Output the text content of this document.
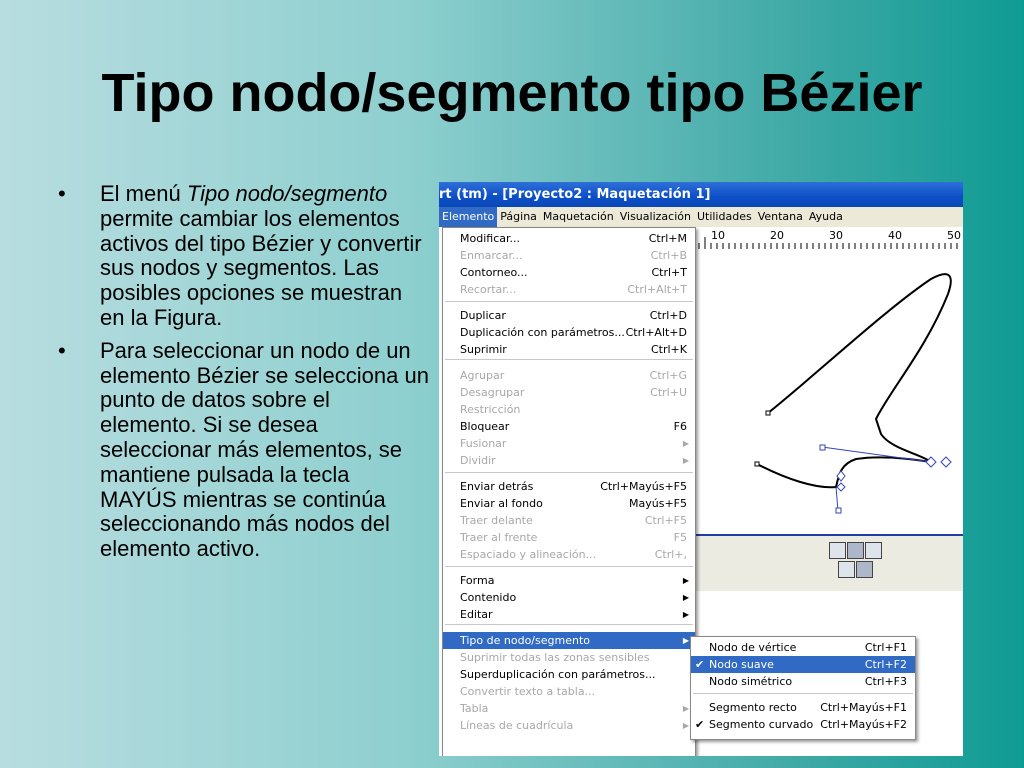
Tipo nodo/segmento tipo Bézier
• El menú Tipo nodo/segmento permite cambiar los elementos activos del tipo Bézier y convertir sus nodos y segmentos. Las posibles opciones se muestran en la Figura.
• Para seleccionar un nodo de un elemento Bézier se selecciona un punto de datos sobre el elemento. Si se desea seleccionar más elementos, se mantiene pulsada la tecla MAYÚS mientras se continúa seleccionando más nodos del elemento activo.
rt (tm) - [Proyecto2 : Maquetación 1]
Elemento Página Maquetación Visualización Utilidades Ventana Ayuda
10	20	30	40	50
Modificar...	Ctrl+M
Enmarcar...	Ctrl+B
Contorneo...	Ctrl+T
Recortar...	Ctrl+Alt+T
Duplicar	Ctrl+D
Duplicación con parámetros... Ctrl+Alt+D
Suprimir	Ctrl+K
Agrupar	Ctrl+G
Desagrupar	Ctrl+U
Restricción
Bloquear	F6
Fusionar	▶
Dividir	▶
Enviar detrás	Ctrl+Mayús+F5
Enviar al fondo	Mayús+F5
Traer delante	Ctrl+F5
Traer al frente	F5
Espaciado y alineación...	Ctrl+,
Forma	▶
Contenido	▶
Editar	▶
Tipo de nodo/segmento	▶
Suprimir todas las zonas sensibles
Superduplicación con parámetros...
Convertir texto a tabla...
Tabla	▶
Líneas de cuadrícula	▶
Nodo de vértice	Ctrl+F1
✔ Nodo suave	Ctrl+F2
Nodo simétrico	Ctrl+F3
Segmento recto Ctrl+Mayús+F1
✔ Segmento curvado Ctrl+Mayús+F2
